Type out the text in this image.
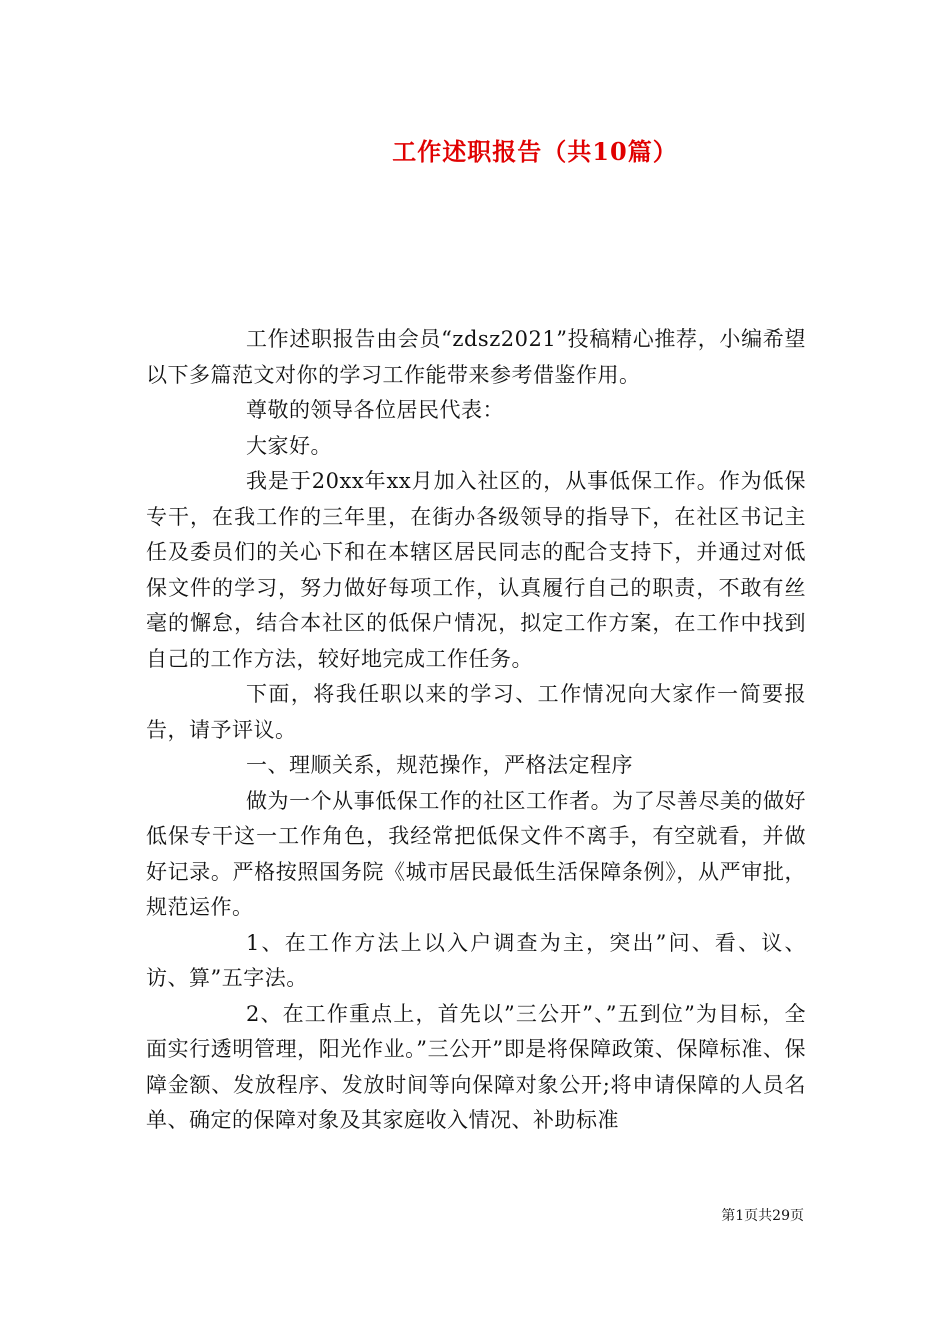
工作述职报告（共10篇）

工作述职报告由会员“zdsz2021”投稿精心推荐，小编希望以下多篇范文对你的学习工作能带来参考借鉴作用。

尊敬的领导各位居民代表：

大家好。

我是于20xx年xx月加入社区的，从事低保工作。作为低保专干，在我工作的三年里，在街办各级领导的指导下，在社区书记主任及委员们的关心下和在本辖区居民同志的配合支持下，并通过对低保文件的学习，努力做好每项工作，认真履行自己的职责，不敢有丝毫的懈怠，结合本社区的低保户情况，拟定工作方案，在工作中找到自己的工作方法，较好地完成工作任务。

下面，将我任职以来的学习、工作情况向大家作一简要报告，请予评议。

一、理顺关系，规范操作，严格法定程序

做为一个从事低保工作的社区工作者。为了尽善尽美的做好低保专干这一工作角色，我经常把低保文件不离手，有空就看，并做好记录。严格按照国务院《城市居民最低生活保障条例》，从严审批，规范运作。

1、在工作方法上以入户调查为主，突出”问、看、议、访、算”五字法。

2、在工作重点上，首先以”三公开”、”五到位”为目标，全面实行透明管理，阳光作业。”三公开”即是将保障政策、保障标准、保障金额、发放程序、发放时间等向保障对象公开;将申请保障的人员名单、确定的保障对象及其家庭收入情况、补助标准

第1页共29页
